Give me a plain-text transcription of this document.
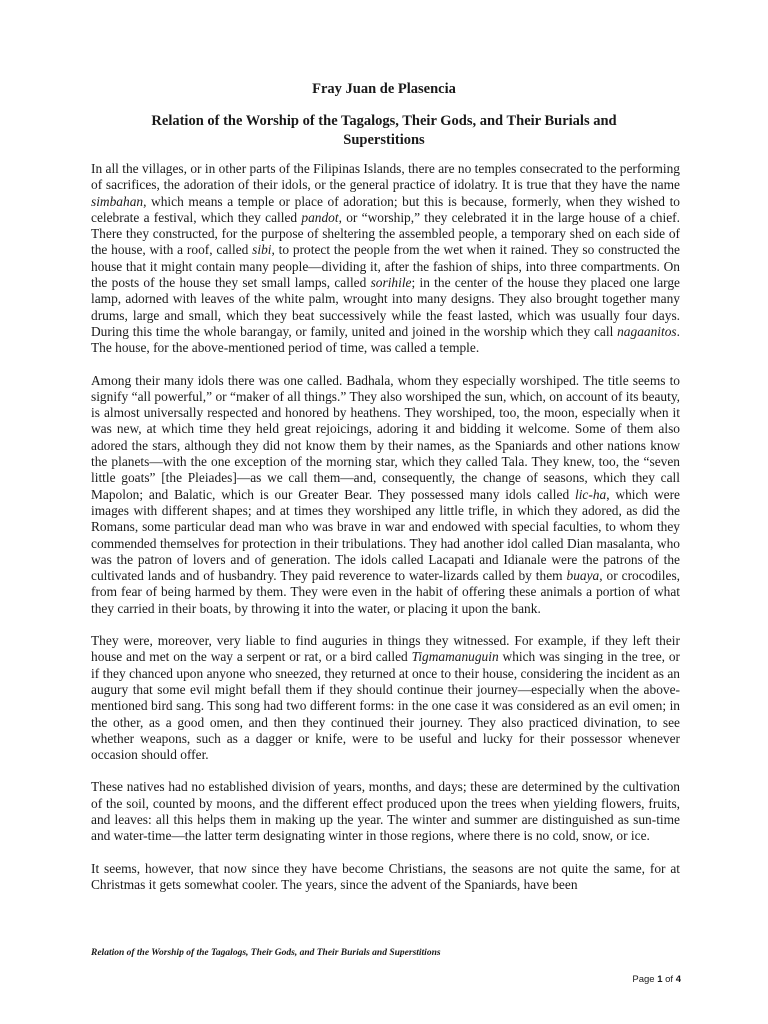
Fray Juan de Plasencia
Relation of the Worship of the Tagalogs, Their Gods, and Their Burials and Superstitions

In all the villages, or in other parts of the Filipinas Islands, there are no temples consecrated to the performing of sacrifices, the adoration of their idols, or the general practice of idolatry. It is true that they have the name simbahan, which means a temple or place of adoration; but this is because, formerly, when they wished to celebrate a festival, which they called pandot, or “worship,” they celebrated it in the large house of a chief. There they constructed, for the purpose of sheltering the assembled people, a temporary shed on each side of the house, with a roof, called sibi, to protect the people from the wet when it rained. They so constructed the house that it might contain many people—dividing it, after the fashion of ships, into three compartments. On the posts of the house they set small lamps, called sorihile; in the center of the house they placed one large lamp, adorned with leaves of the white palm, wrought into many designs. They also brought together many drums, large and small, which they beat successively while the feast lasted, which was usually four days. During this time the whole barangay, or family, united and joined in the worship which they call nagaanitos. The house, for the above-mentioned period of time, was called a temple.

Among their many idols there was one called. Badhala, whom they especially worshiped. The title seems to signify “all powerful,” or “maker of all things.” They also worshiped the sun, which, on account of its beauty, is almost universally respected and honored by heathens. They worshiped, too, the moon, especially when it was new, at which time they held great rejoicings, adoring it and bidding it welcome. Some of them also adored the stars, although they did not know them by their names, as the Spaniards and other nations know the planets—with the one exception of the morning star, which they called Tala. They knew, too, the “seven little goats” [the Pleiades]—as we call them—and, consequently, the change of seasons, which they call Mapolon; and Balatic, which is our Greater Bear. They possessed many idols called lic-ha, which were images with different shapes; and at times they worshiped any little trifle, in which they adored, as did the Romans, some particular dead man who was brave in war and endowed with special faculties, to whom they commended themselves for protection in their tribulations. They had another idol called Dian masalanta, who was the patron of lovers and of generation. The idols called Lacapati and Idianale were the patrons of the cultivated lands and of husbandry. They paid reverence to water-lizards called by them buaya, or crocodiles, from fear of being harmed by them. They were even in the habit of offering these animals a portion of what they carried in their boats, by throwing it into the water, or placing it upon the bank.

They were, moreover, very liable to find auguries in things they witnessed. For example, if they left their house and met on the way a serpent or rat, or a bird called Tigmamanuguin which was singing in the tree, or if they chanced upon anyone who sneezed, they returned at once to their house, considering the incident as an augury that some evil might befall them if they should continue their journey—especially when the above-mentioned bird sang. This song had two different forms: in the one case it was considered as an evil omen; in the other, as a good omen, and then they continued their journey. They also practiced divination, to see whether weapons, such as a dagger or knife, were to be useful and lucky for their possessor whenever occasion should offer.

These natives had no established division of years, months, and days; these are determined by the cultivation of the soil, counted by moons, and the different effect produced upon the trees when yielding flowers, fruits, and leaves: all this helps them in making up the year. The winter and summer are distinguished as sun-time and water-time—the latter term designating winter in those regions, where there is no cold, snow, or ice.

It seems, however, that now since they have become Christians, the seasons are not quite the same, for at Christmas it gets somewhat cooler. The years, since the advent of the Spaniards, have been

Relation of the Worship of the Tagalogs, Their Gods, and Their Burials and Superstitions
Page 1 of 4
